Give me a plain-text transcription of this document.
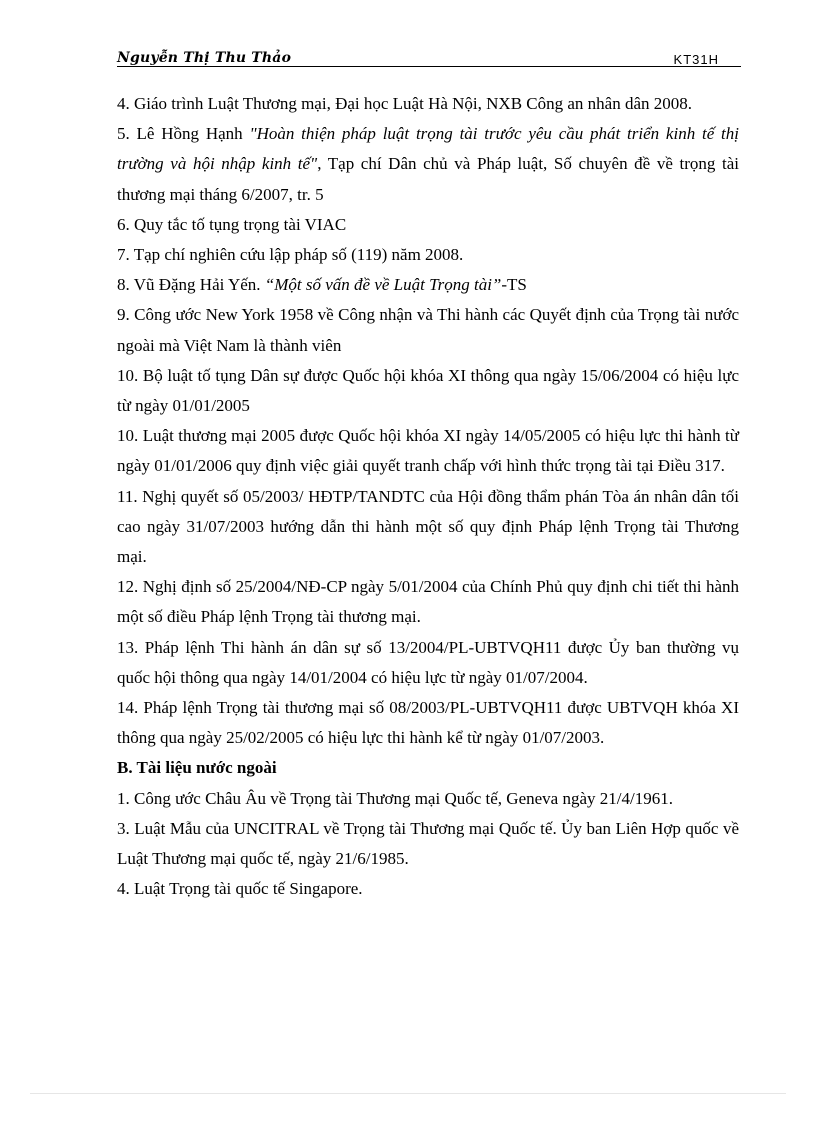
Nguyễn Thị Thu Thảo	KT31H

4. Giáo trình Luật Thương mại, Đại học Luật Hà Nội, NXB Công an nhân dân 2008.

5. Lê Hồng Hạnh "Hoàn thiện pháp luật trọng tài trước yêu cầu phát triển kinh tế thị trường và hội nhập kinh tế", Tạp chí Dân chủ và Pháp luật, Số chuyên đề về trọng tài thương mại tháng 6/2007, tr. 5

6. Quy tắc tố tụng trọng tài VIAC

7. Tạp chí nghiên cứu lập pháp số (119) năm 2008.

8. Vũ Đặng Hải Yến. “Một số vấn đề về Luật Trọng tài”-TS

9. Công ước New York 1958 về Công nhận và Thi hành các Quyết định của Trọng tài nước ngoài mà Việt Nam là thành viên

10. Bộ luật tố tụng Dân sự được Quốc hội khóa XI thông qua ngày 15/06/2004 có hiệu lực từ ngày 01/01/2005

10. Luật thương mại 2005 được Quốc hội khóa XI ngày 14/05/2005 có hiệu lực thi hành từ ngày 01/01/2006 quy định việc giải quyết tranh chấp với hình thức trọng tài tại Điều 317.

11. Nghị quyết số 05/2003/ HĐTP/TANDTC của Hội đồng thẩm phán Tòa án nhân dân tối cao ngày 31/07/2003 hướng dẫn thi hành một số quy định Pháp lệnh Trọng tài Thương mại.

12. Nghị định số 25/2004/NĐ-CP ngày 5/01/2004 của Chính Phủ quy định chi tiết thi hành một số điều Pháp lệnh Trọng tài thương mại.

13. Pháp lệnh Thi hành án dân sự số 13/2004/PL-UBTVQH11 được Ủy ban thường vụ quốc hội thông qua ngày 14/01/2004 có hiệu lực từ ngày 01/07/2004.

14. Pháp lệnh Trọng tài thương mại số 08/2003/PL-UBTVQH11 được UBTVQH khóa XI thông qua ngày 25/02/2005 có hiệu lực thi hành kể từ ngày 01/07/2003.

B. Tài liệu nước ngoài

1. Công ước Châu Âu về Trọng tài Thương mại Quốc tế, Geneva ngày 21/4/1961.

3. Luật Mẫu của UNCITRAL về Trọng tài Thương mại Quốc tế. Ủy ban Liên Hợp quốc về Luật Thương mại quốc tế, ngày 21/6/1985.

4. Luật Trọng tài quốc tế Singapore.
